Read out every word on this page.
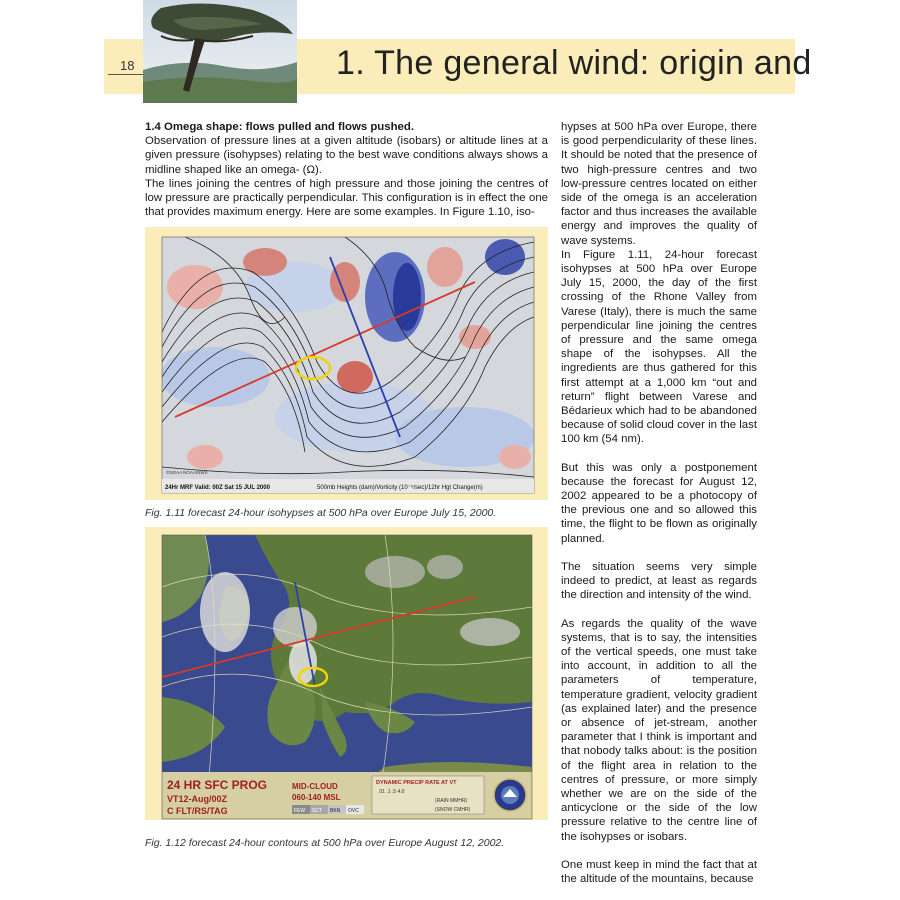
18	1. The general wind: origin and
1.4 Omega shape: flows pulled and flows pushed.

Observation of pressure lines at a given altitude (isobars) or altitude lines at a given pressure (isohypses) relating to the best wave conditions always shows a midline shaped like an omega- (Ω).

The lines joining the centres of high pressure and those joining the centres of low pressure are practically perpendicular. This configuration is in effect the one that provides maximum energy. Here are some examples. In Figure 1.10, iso-

©NOAA NOAA/NWS
24Hr MRF Valid: 00Z Sat 15 JUL 2000	500mb Heights (dam)/Vorticity (10⁻⁵/sec)/12hr Hgt Change(m)
Fig. 1.11 forecast 24-hour isohypses at 500 hPa over Europe July 15, 2000.
24 HR SFC PROG
VT12-Aug/00Z
C FLT/RS/TAG
MID-CLOUD
060-140 MSL
FEW SCT BKN OVC
DYNAMIC PRECIP RATE AT VT
.01 .1 .5 4.0
(RAIN MMHR)
(SNOW CMHR)
Fig. 1.12 forecast 24-hour contours at 500 hPa over Europe August 12, 2002.

hypses at 500 hPa over Europe, there is good perpendicularity of these lines. It should be noted that the presence of two high-pressure centres and two low-pressure centres located on either side of the omega is an acceleration factor and thus increases the available energy and improves the quality of wave systems.

In Figure 1.11, 24-hour forecast isohypses at 500 hPa over Europe July 15, 2000, the day of the first crossing of the Rhone Valley from Varese (Italy), there is much the same perpendicular line joining the centres of pressure and the same omega shape of the isohypses. All the ingredients are thus gathered for this first attempt at a 1,000 km “out and return” flight between Varese and Bédarieux which had to be abandoned because of solid cloud cover in the last 100 km (54 nm).

But this was only a postponement because the forecast for August 12, 2002 appeared to be a photocopy of the previous one and so allowed this time, the flight to be flown as originally planned.

The situation seems very simple indeed to predict, at least as regards the direction and intensity of the wind.

As regards the quality of the wave systems, that is to say, the intensities of the vertical speeds, one must take into account, in addition to all the parameters of temperature, temperature gradient, velocity gradient (as explained later) and the presence or absence of jet-stream, another parameter that I think is important and that nobody talks about: is the position of the flight area in relation to the centres of pressure, or more simply whether we are on the side of the anticyclone or the side of the low pressure relative to the centre line of the isohypses or isobars.

One must keep in mind the fact that at the altitude of the mountains, because
